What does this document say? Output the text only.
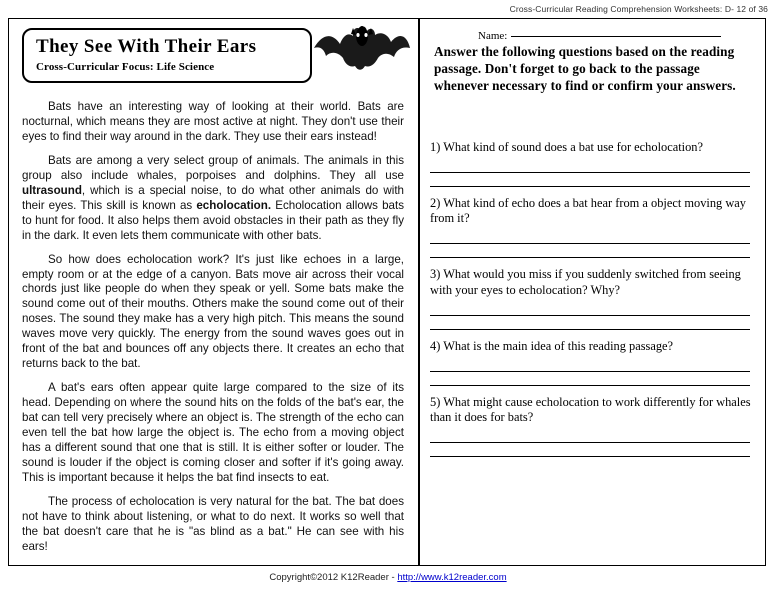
Cross-Curricular Reading Comprehension Worksheets: D- 12 of 36
They See With Their Ears
Cross-Curricular Focus: Life Science

Bats have an interesting way of looking at their world. Bats are nocturnal, which means they are most active at night. They don't use their eyes to find their way around in the dark. They use their ears instead!

Bats are among a very select group of animals. The animals in this group also include whales, porpoises and dolphins. They all use ultrasound, which is a special noise, to do what other animals do with their eyes. This skill is known as echolocation. Echolocation allows bats to hunt for food. It also helps them avoid obstacles in their path as they fly in the dark. It even lets them communicate with other bats.

So how does echolocation work? It's just like echoes in a large, empty room or at the edge of a canyon. Bats move air across their vocal chords just like people do when they speak or yell. Some bats make the sound come out of their mouths. Others make the sound come out of their noses. The sound they make has a very high pitch. This means the sound waves move very quickly. The energy from the sound waves goes out in front of the bat and bounces off any objects there. It creates an echo that returns back to the bat.

A bat's ears often appear quite large compared to the size of its head. Depending on where the sound hits on the folds of the bat's ear, the bat can tell very precisely where an object is. The strength of the echo can even tell the bat how large the object is. The echo from a moving object has a different sound that one that is still. It is either softer or louder. The sound is louder if the object is coming closer and softer if it's going away. This is important because it helps the bat find insects to eat.

The process of echolocation is very natural for the bat. The bat does not have to think about listening, or what to do next. It works so well that the bat doesn't care that he is "as blind as a bat." He can see with his ears!

Name:
Answer the following questions based on the reading passage. Don't forget to go back to the passage whenever necessary to find or confirm your answers.
1) What kind of sound does a bat use for echolocation?
2) What kind of echo does a bat hear from a object moving way from it?
3) What would you miss if you suddenly switched from seeing with your eyes to echolocation? Why?
4) What is the main idea of this reading passage?
5) What might cause echolocation to work differently for whales than it does for bats?
Copyright©2012 K12Reader - http://www.k12reader.com
